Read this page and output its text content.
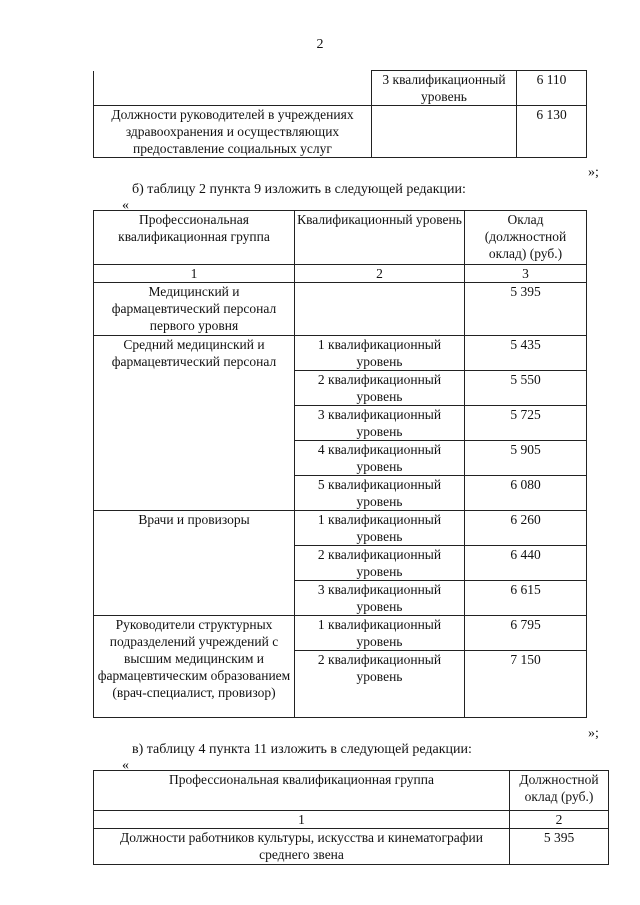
2
	3 квалификационный уровень	6 110
Должности руководителей в учреждениях здравоохранения и осуществляющих предоставление социальных услуг		6 130
»;
б) таблицу 2 пункта 9 изложить в следующей редакции:
«
Профессиональная квалификационная группа	Квалификационный уровень	Оклад (должностной оклад) (руб.)
1	2	3
Медицинский и фармацевтический персонал первого уровня		5 395
Средний медицинский и фармацевтический персонал	1 квалификационный уровень	5 435
	2 квалификационный уровень	5 550
	3 квалификационный уровень	5 725
	4 квалификационный уровень	5 905
	5 квалификационный уровень	6 080
Врачи и провизоры	1 квалификационный уровень	6 260
	2 квалификационный уровень	6 440
	3 квалификационный уровень	6 615
Руководители структурных подразделений учреждений с высшим медицинским и фармацевтическим образованием (врач-специалист, провизор)	1 квалификационный уровень	6 795
	2 квалификационный уровень	7 150
»;
в) таблицу 4 пункта 11 изложить в следующей редакции:
«
Профессиональная квалификационная группа	Должностной оклад (руб.)
1	2
Должности работников культуры, искусства и кинематографии среднего звена	5 395
